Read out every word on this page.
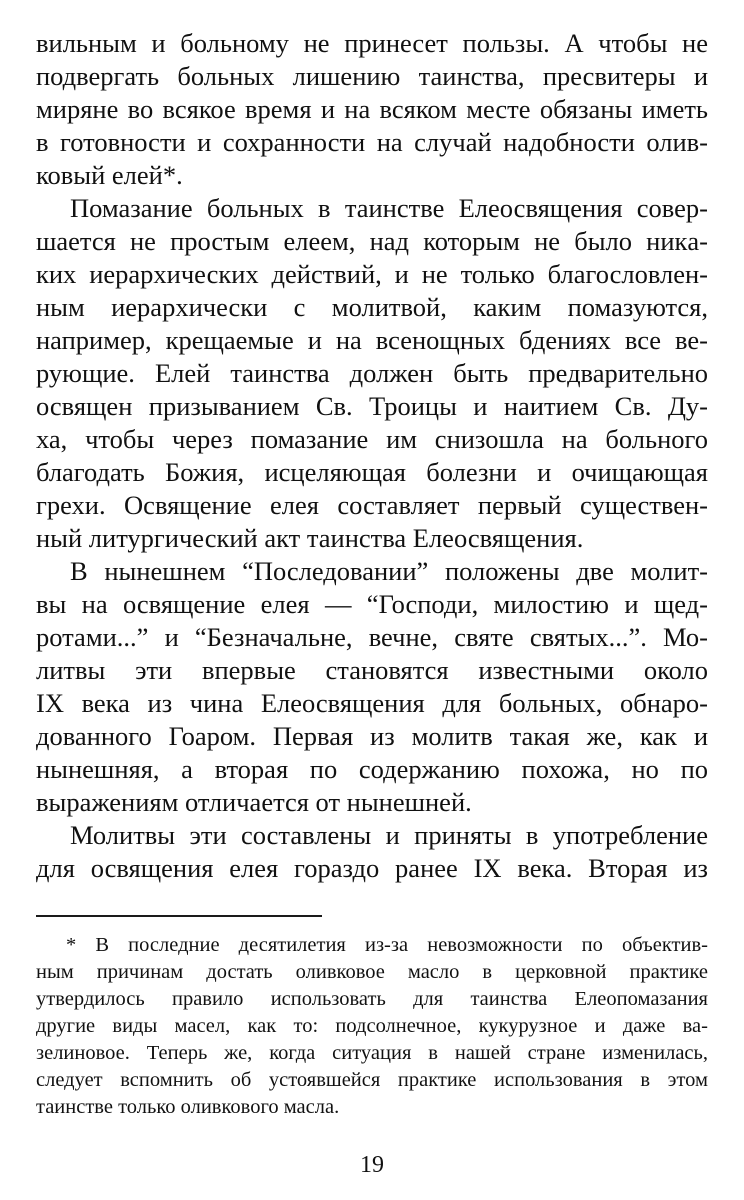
вильным и больному не принесет пользы. А чтобы не
подвергать больных лишению таинства, пресвитеры и
миряне во всякое время и на всяком месте обязаны иметь
в готовности и сохранности на случай надобности олив-
ковый елей*.
Помазание больных в таинстве Елеосвящения совер-
шается не простым елеем, над которым не было никa-
ких иерархических действий, и не только благословлен-
ным иерархически с молитвой, каким помазуются,
например, крещаемые и на всенощных бдениях все ве-
рующие. Елей таинства должен быть предварительно
освящен призыванием Св. Троицы и наитием Св. Ду-
ха, чтобы через помазание им снизошла на больного
благодать Божия, исцеляющая болезни и очищающая
грехи. Освящение елея составляет первый существен-
ный литургический акт таинства Елеосвящения.
В нынешнем “Последовании” положены две молит-
вы на освящение елея — “Господи, милостию и щед-
ротами...” и “Безначальне, вечне, святе святых...”. Мо-
литвы эти впервые становятся известными около
IX века из чина Елеосвящения для больных, обнаро-
дованного Гоаром. Первая из молитв такая же, как и
нынешняя, а вторая по содержанию похожа, но по
выражениям отличается от нынешней.
Молитвы эти составлены и приняты в употребление
для освящения елея гораздо ранее IX века. Вторая из
* В последние десятилетия из-за невозможности по объектив-
ным причинам достать оливковое масло в церковной практике
утвердилось правило использовать для таинства Елеопомазания
другие виды масел, как то: подсолнечное, кукурузное и даже ва-
зелиновое. Теперь же, когда ситуация в нашей стране изменилась,
следует вспомнить об устоявшейся практике использования в этом
таинстве только оливкового масла.
19
